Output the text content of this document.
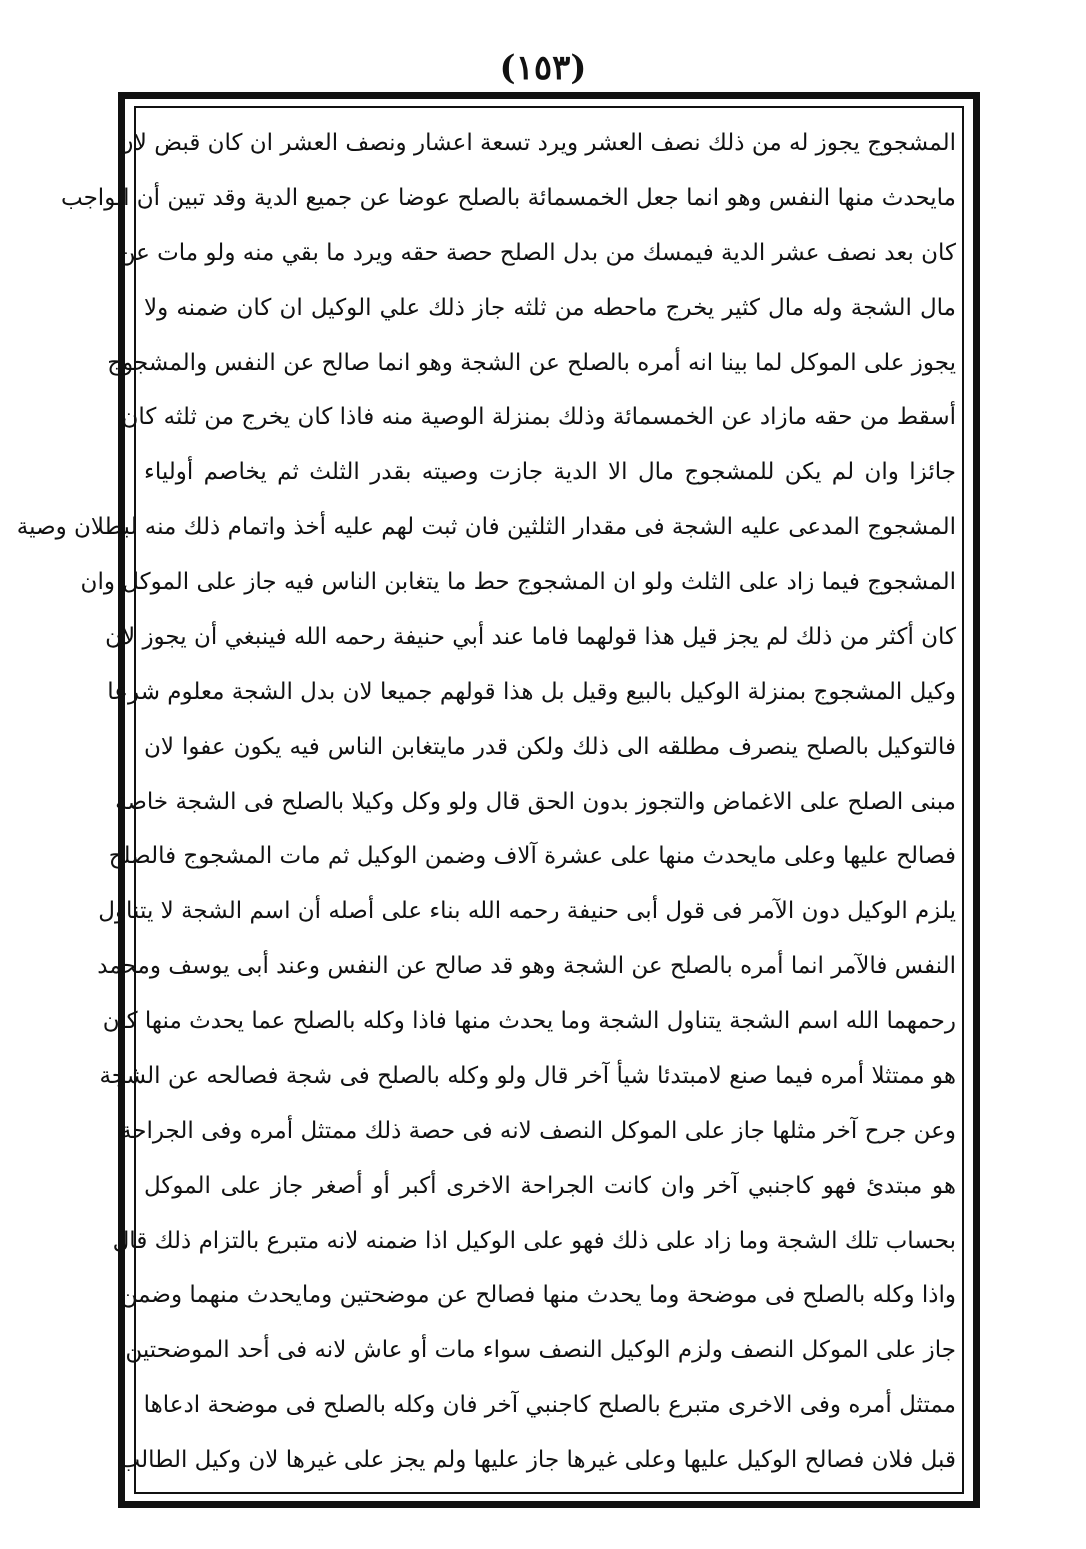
(١٥٣)
المشجوج يجوز له من ذلك نصف العشر ويرد تسعة اعشار ونصف العشر ان كان قبض لان
مايحدث منها النفس وهو انما جعل الخمسمائة بالصلح عوضا عن جميع الدية وقد تبين أن الواجب
كان بعد نصف عشر الدية فيمسك من بدل الصلح حصة حقه ويرد ما بقي منه ولو مات عن
مال الشجة وله مال كثير يخرج ماحطه من ثلثه جاز ذلك علي الوكيل ان كان ضمنه ولا
يجوز على الموكل لما بينا انه أمره بالصلح عن الشجة وهو انما صالح عن النفس والمشجوج
أسقط من حقه مازاد عن الخمسمائة وذلك بمنزلة الوصية منه فاذا كان يخرج من ثلثه كان
جائزا وان لم يكن للمشجوج مال الا الدية جازت وصيته بقدر الثلث ثم يخاصم أولياء
المشجوج المدعى عليه الشجة فى مقدار الثلثين فان ثبت لهم عليه أخذ واتمام ذلك منه لبطلان وصية
المشجوج فيما زاد على الثلث ولو ان المشجوج حط ما يتغابن الناس فيه جاز على الموكل وان
كان أكثر من ذلك لم يجز قيل هذا قولهما فاما عند أبي حنيفة رحمه الله فينبغي أن يجوز لان
وكيل المشجوج بمنزلة الوكيل بالبيع وقيل بل هذا قولهم جميعا لان بدل الشجة معلوم شرعا
فالتوكيل بالصلح ينصرف مطلقه الى ذلك ولكن قدر مايتغابن الناس فيه يكون عفوا لان
مبنى الصلح على الاغماض والتجوز بدون الحق قال ولو وكل وكيلا بالصلح فى الشجة خاصة
فصالح عليها وعلى مايحدث منها على عشرة آلاف وضمن الوكيل ثم مات المشجوج فالصلح
يلزم الوكيل دون الآمر فى قول أبى حنيفة رحمه الله بناء على أصله أن اسم الشجة لا يتناول
النفس فالآمر انما أمره بالصلح عن الشجة وهو قد صالح عن النفس وعند أبى يوسف ومحمد
رحمهما الله اسم الشجة يتناول الشجة وما يحدث منها فاذا وكله بالصلح عما يحدث منها كان
هو ممتثلا أمره فيما صنع لامبتدئا شيأ آخر قال ولو وكله بالصلح فى شجة فصالحه عن الشجة
وعن جرح آخر مثلها جاز على الموكل النصف لانه فى حصة ذلك ممتثل أمره وفى الجراحة
هو مبتدئ فهو كاجنبي آخر وان كانت الجراحة الاخرى أكبر أو أصغر جاز على الموكل
بحساب تلك الشجة وما زاد على ذلك فهو على الوكيل اذا ضمنه لانه متبرع بالتزام ذلك قال
واذا وكله بالصلح فى موضحة وما يحدث منها فصالح عن موضحتين ومايحدث منهما وضمن
جاز على الموكل النصف ولزم الوكيل النصف سواء مات أو عاش لانه فى أحد الموضحتين
ممتثل أمره وفى الاخرى متبرع بالصلح كاجنبي آخر فان وكله بالصلح فى موضحة ادعاها
قبل فلان فصالح الوكيل عليها وعلى غيرها جاز عليها ولم يجز على غيرها لان وكيل الطالب
